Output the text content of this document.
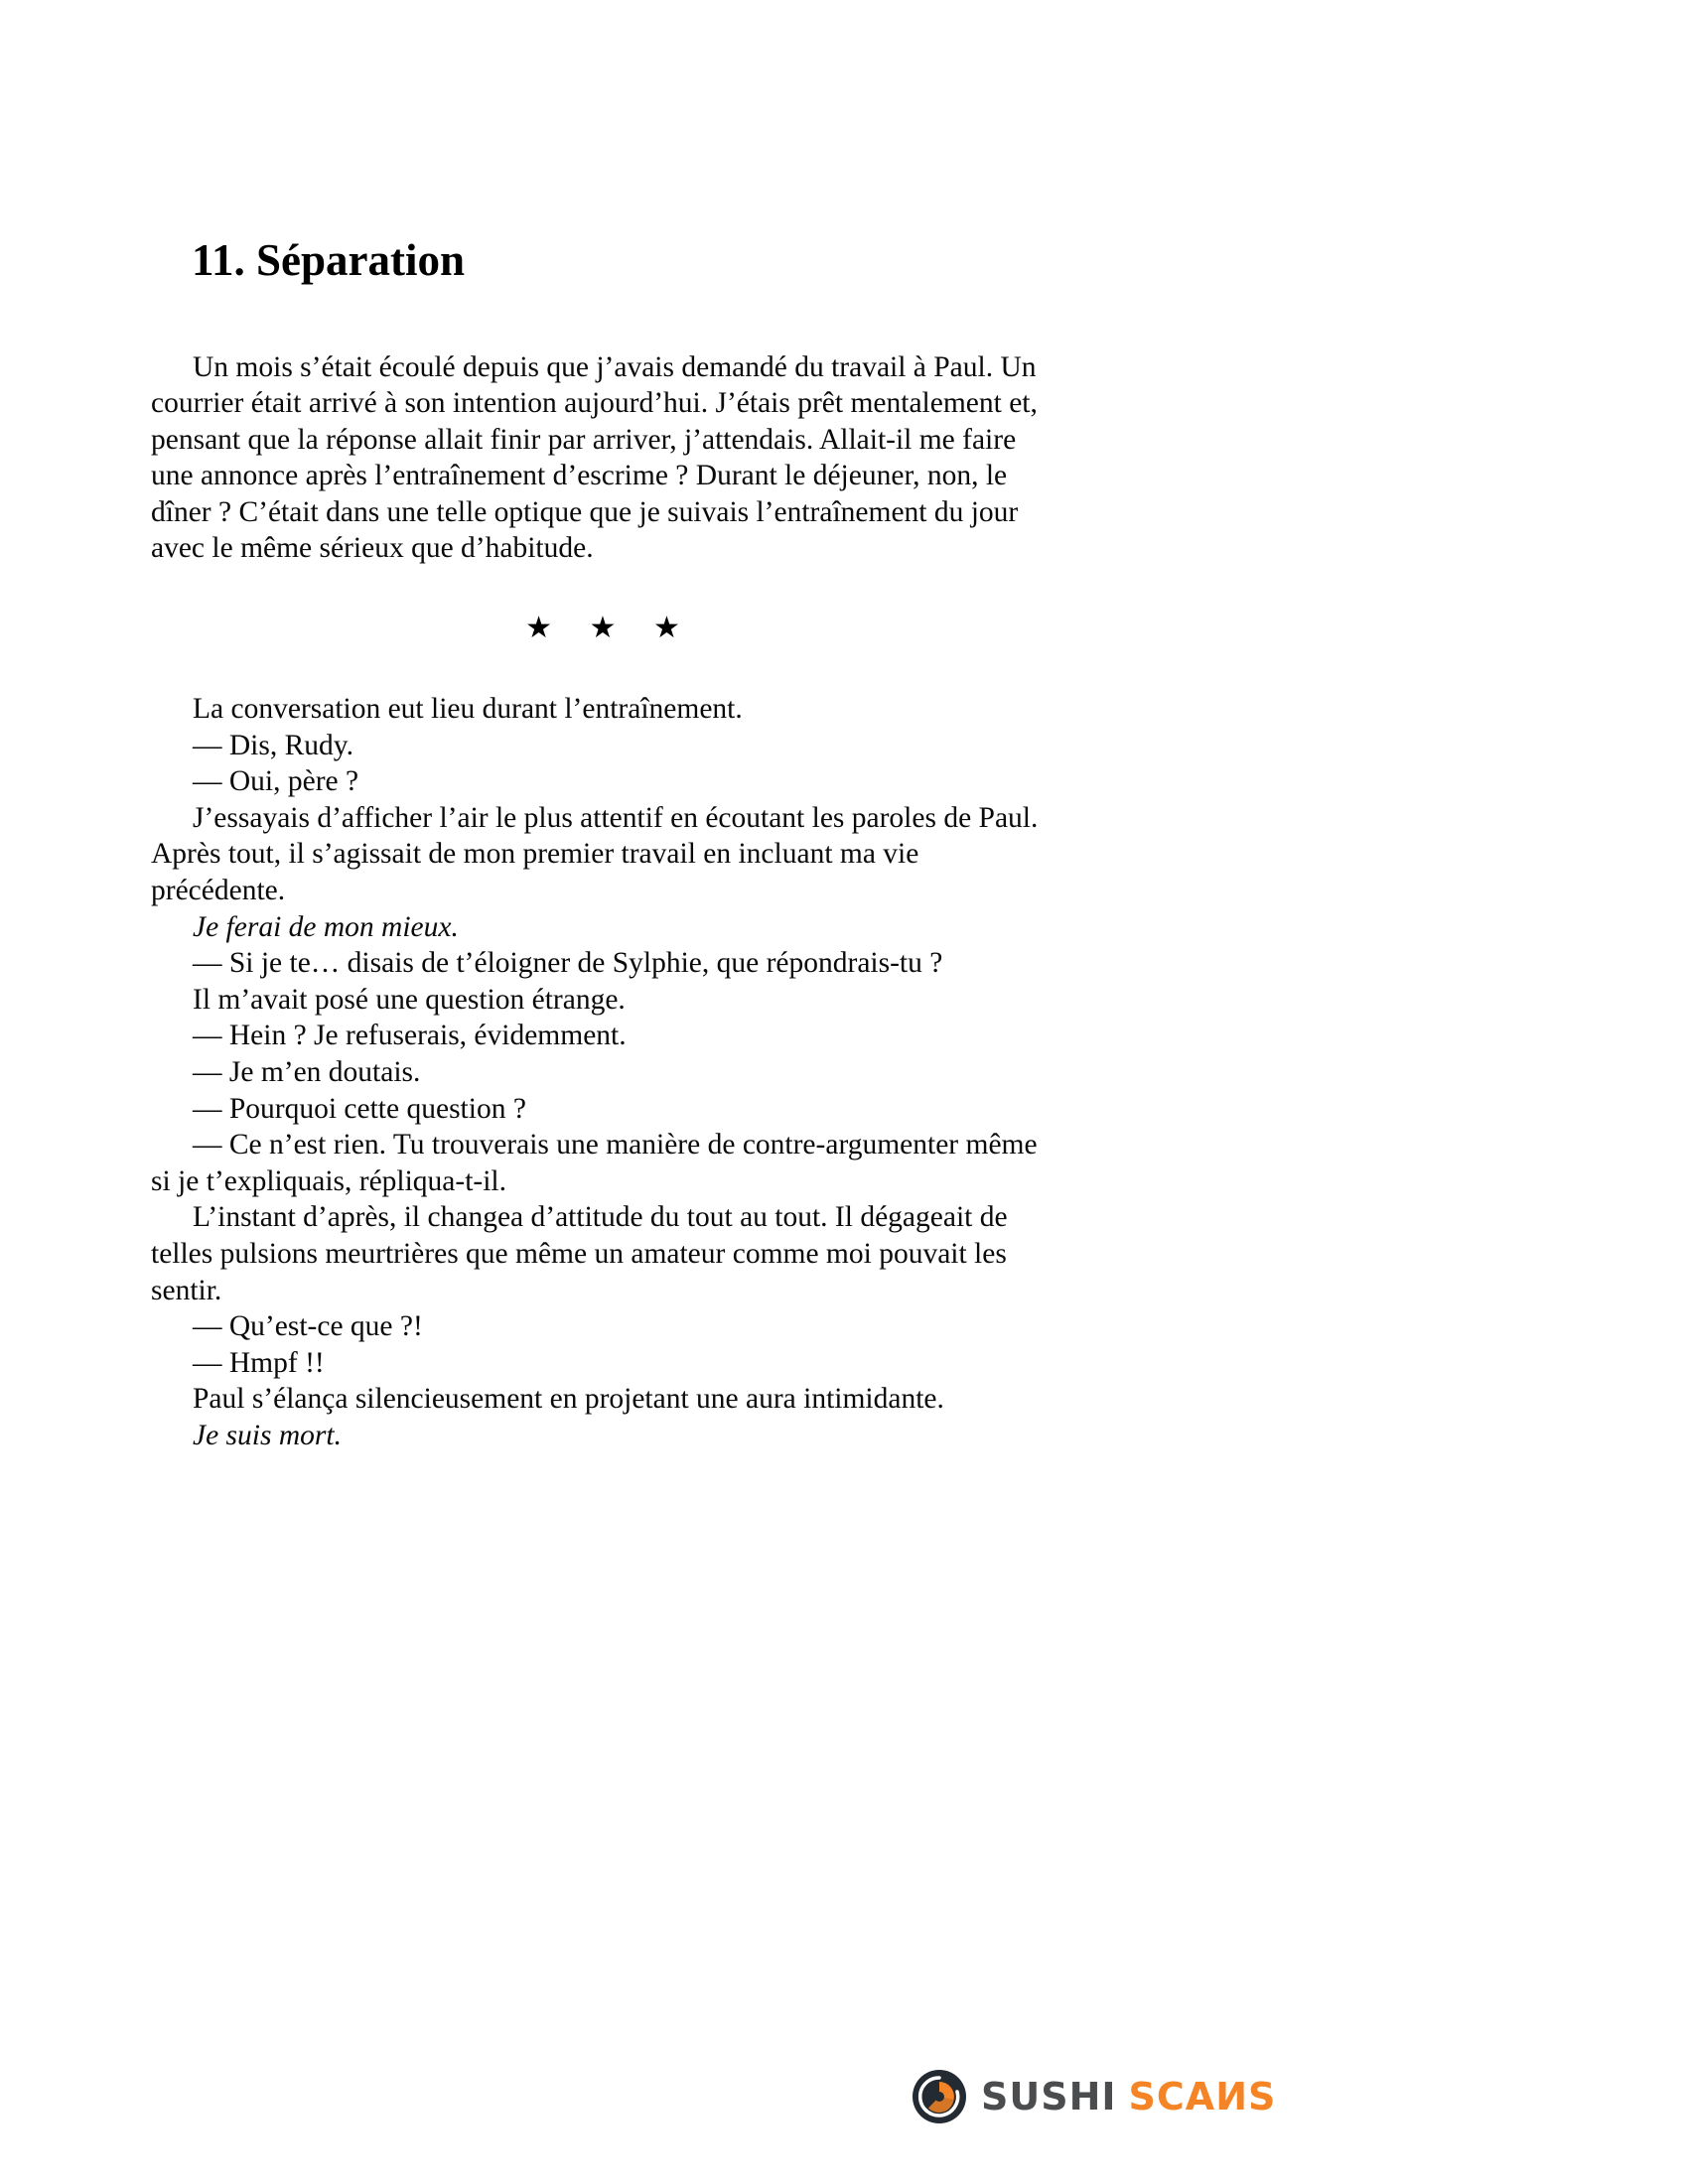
11. Séparation

Un mois s’était écoulé depuis que j’avais demandé du travail à Paul. Un courrier était arrivé à son intention aujourd’hui. J’étais prêt mentalement et, pensant que la réponse allait finir par arriver, j’attendais. Allait-il me faire une annonce après l’entraînement d’escrime ? Durant le déjeuner, non, le dîner ? C’était dans une telle optique que je suivais l’entraînement du jour avec le même sérieux que d’habitude.

★ ★ ★

La conversation eut lieu durant l’entraînement.

— Dis, Rudy.

— Oui, père ?

J’essayais d’afficher l’air le plus attentif en écoutant les paroles de Paul. Après tout, il s’agissait de mon premier travail en incluant ma vie précédente.

Je ferai de mon mieux.

— Si je te… disais de t’éloigner de Sylphie, que répondrais-tu ?

Il m’avait posé une question étrange.

— Hein ? Je refuserais, évidemment.

— Je m’en doutais.

— Pourquoi cette question ?

— Ce n’est rien. Tu trouverais une manière de contre-argumenter même si je t’expliquais, répliqua-t-il.

L’instant d’après, il changea d’attitude du tout au tout. Il dégageait de telles pulsions meurtrières que même un amateur comme moi pouvait les sentir.

— Qu’est-ce que ?!

— Hmpf !!

Paul s’élança silencieusement en projetant une aura intimidante.

Je suis mort.

SUSHI SCAИS
